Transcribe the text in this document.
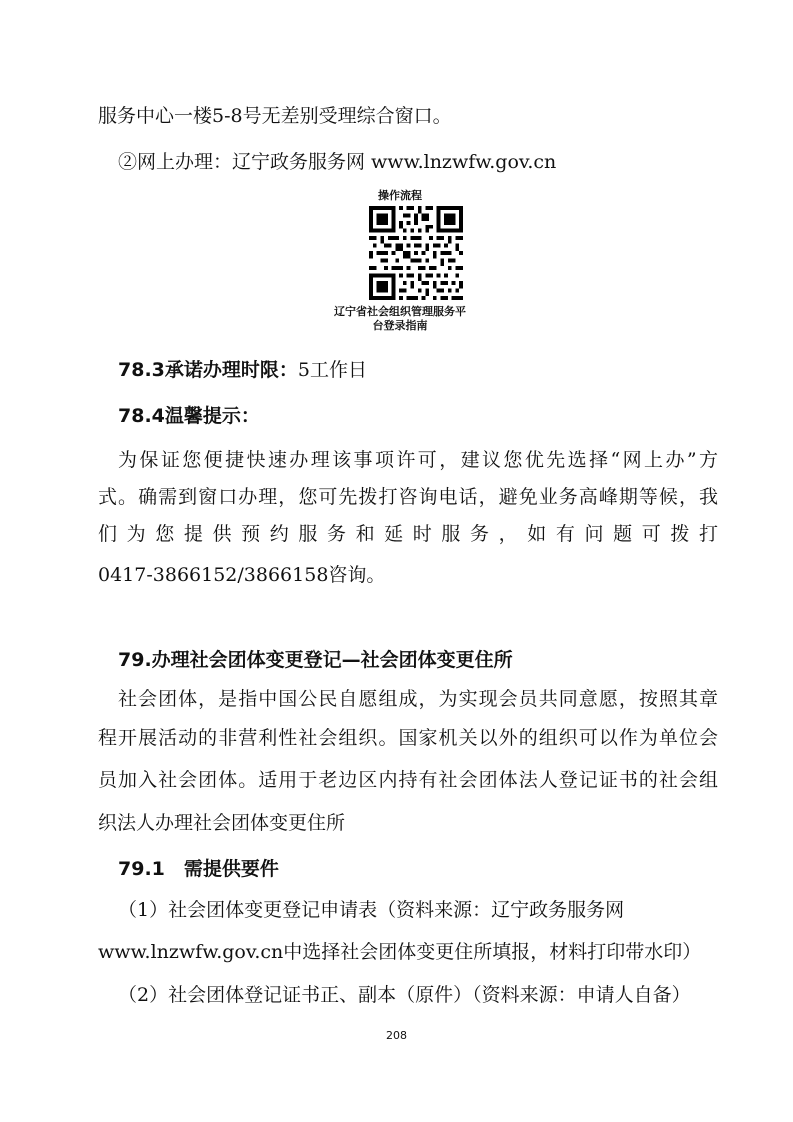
服务中心一楼5-8号无差别受理综合窗口。
②网上办理：辽宁政务服务网 www.lnzwfw.gov.cn
操作流程
辽宁省社会组织管理服务平台登录指南
78.3承诺办理时限：5工作日
78.4温馨提示：
为保证您便捷快速办理该事项许可，建议您优先选择“网上办”方
式。确需到窗口办理，您可先拨打咨询电话，避免业务高峰期等候，我
们为您提供预约服务和延时服务，如有问题可拨打
0417-3866152/3866158咨询。
79.办理社会团体变更登记—社会团体变更住所
社会团体，是指中国公民自愿组成，为实现会员共同意愿，按照其章
程开展活动的非营利性社会组织。国家机关以外的组织可以作为单位会
员加入社会团体。适用于老边区内持有社会团体法人登记证书的社会组
织法人办理社会团体变更住所
79.1　需提供要件
（1）社会团体变更登记申请表（资料来源：辽宁政务服务网
www.lnzwfw.gov.cn中选择社会团体变更住所填报，材料打印带水印）
（2）社会团体登记证书正、副本（原件）（资料来源：申请人自备）
208
